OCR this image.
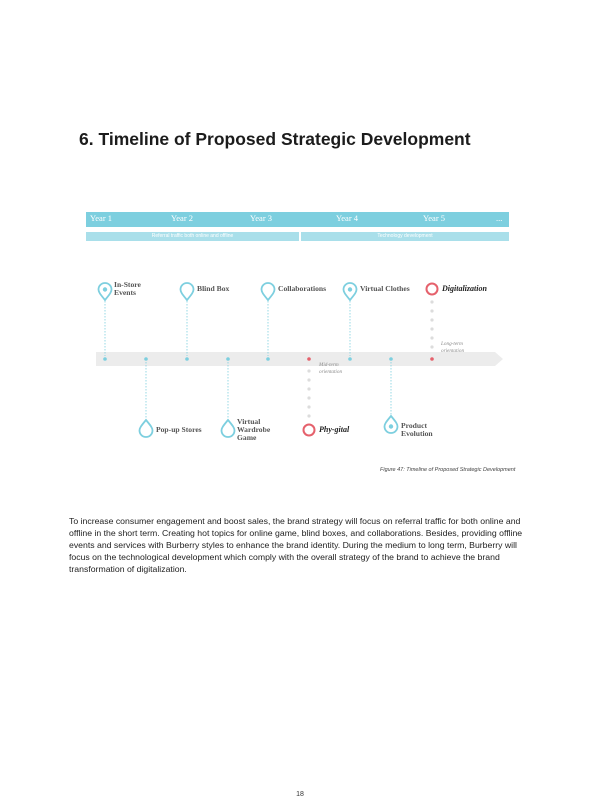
6. Timeline of Proposed Strategic Development
Year 1	Year 2	Year 3	Year 4	Year 5	...
Referral traffic both online and offline	Technology development
In-Store
Events	Blind Box	Collaborations	Virtual Clothes	Digitalization
Pop-up Stores
Virtual
Wardrobe
Game
Phy-gital	Product
Evolution
Mid-term
orientation
Long-term
orientation
Figure 47: Timeline of Proposed Strategic Development

To increase consumer engagement and boost sales, the brand strategy will focus on referral traffic for both online and offline in the short term. Creating hot topics for online game, blind boxes, and collaborations. Besides, providing offline events and services with Burberry styles to enhance the brand identity. During the medium to long term, Burberry will focus on the technological development which comply with the overall strategy of the brand to achieve the brand transformation of digitalization.

18
